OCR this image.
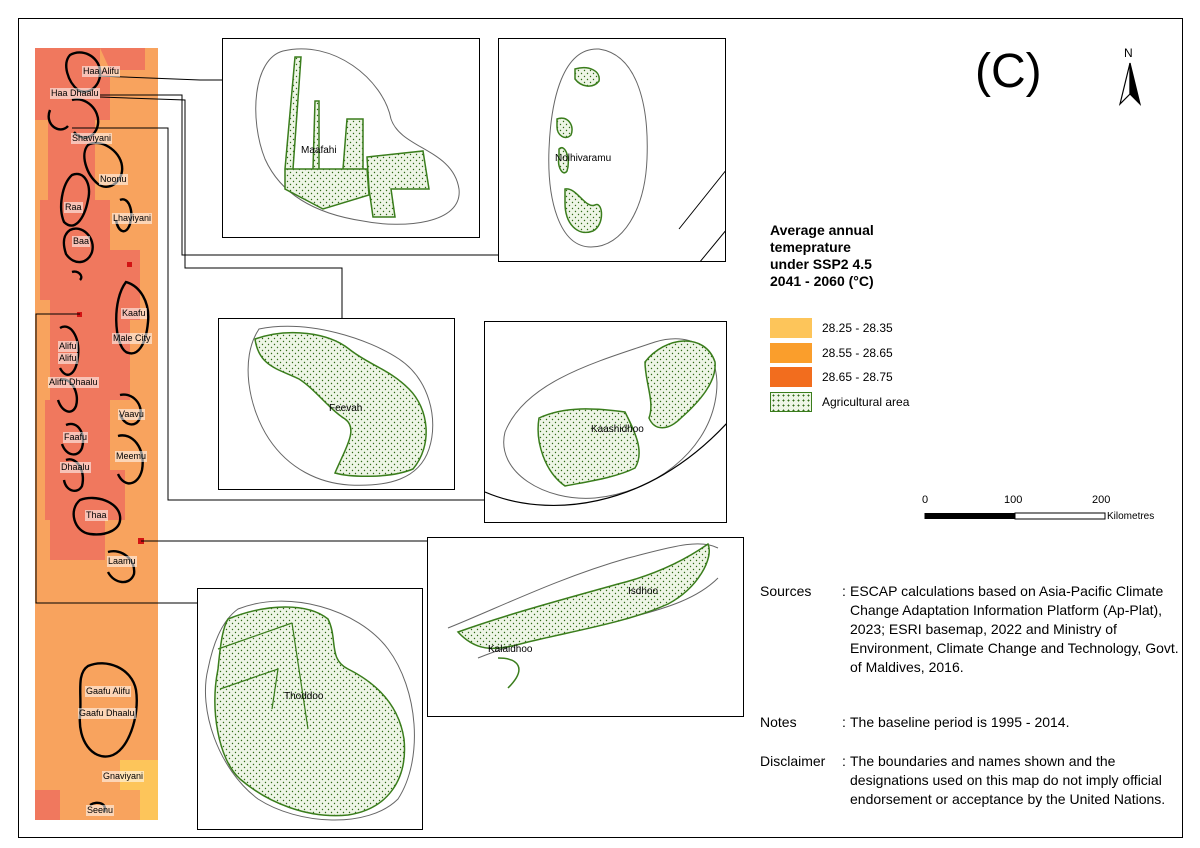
Haa Alifu
Haa Dhaalu
Shaviyani
Noonu
Raa
Lhaviyani
Baa
Kaafu
Male City
Alifu
Alifu
Alifu Dhaalu
Vaavu
Faafu
Meemu
Dhaalu
Thaa
Laamu
Gaafu Alifu
Gaafu Dhaalu
Gnaviyani
Seenu
Maafahi
Nolhivaramu
Feevah
Kaashidhoo
Thoddoo
Kalaidhoo
Isdhoo
(C)	N
Average annual
temeprature
under SSP2 4.5
2041 - 2060 (°C)
28.25 - 28.35
28.55 - 28.65
28.65 - 28.75
Agricultural area
0	100	200
Kilometres
Sources : ESCAP calculations based on Asia-Pacific Climate Change Adaptation Information Platform (Ap-Plat), 2023; ESRI basemap, 2022 and Ministry of Environment, Climate Change and Technology, Govt. of Maldives, 2016.
Notes	: The baseline period is 1995 - 2014.
Disclaimer : The boundaries and names shown and the designations used on this map do not imply official endorsement or acceptance by the United Nations.
